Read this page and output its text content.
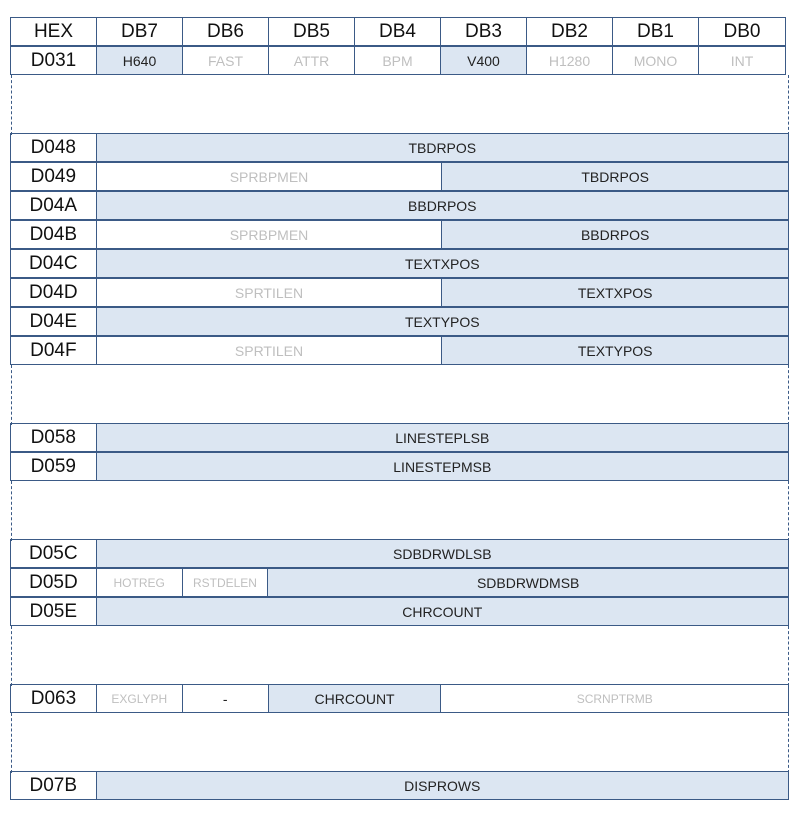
HEX	DB7	DB6	DB5	DB4	DB3	DB2	DB1	DB0
D031	H640	FAST	ATTR	BPM	V400	H1280	MONO	INT
D048	TBDRPOS
D049	SPRBPMEN	TBDRPOS
D04A	BBDRPOS
D04B	SPRBPMEN	BBDRPOS
D04C	TEXTXPOS
D04D	SPRTILEN	TEXTXPOS
D04E	TEXTYPOS
D04F	SPRTILEN	TEXTYPOS
D058	LINESTEPLSB
D059	LINESTEPMSB
D05C	SDBDRWDLSB
D05D	HOTREG	RSTDELEN	SDBDRWDMSB
D05E	CHRCOUNT
D063	EXGLYPH	-	CHRCOUNT	SCRNPTRMB
D07B	DISPROWS
